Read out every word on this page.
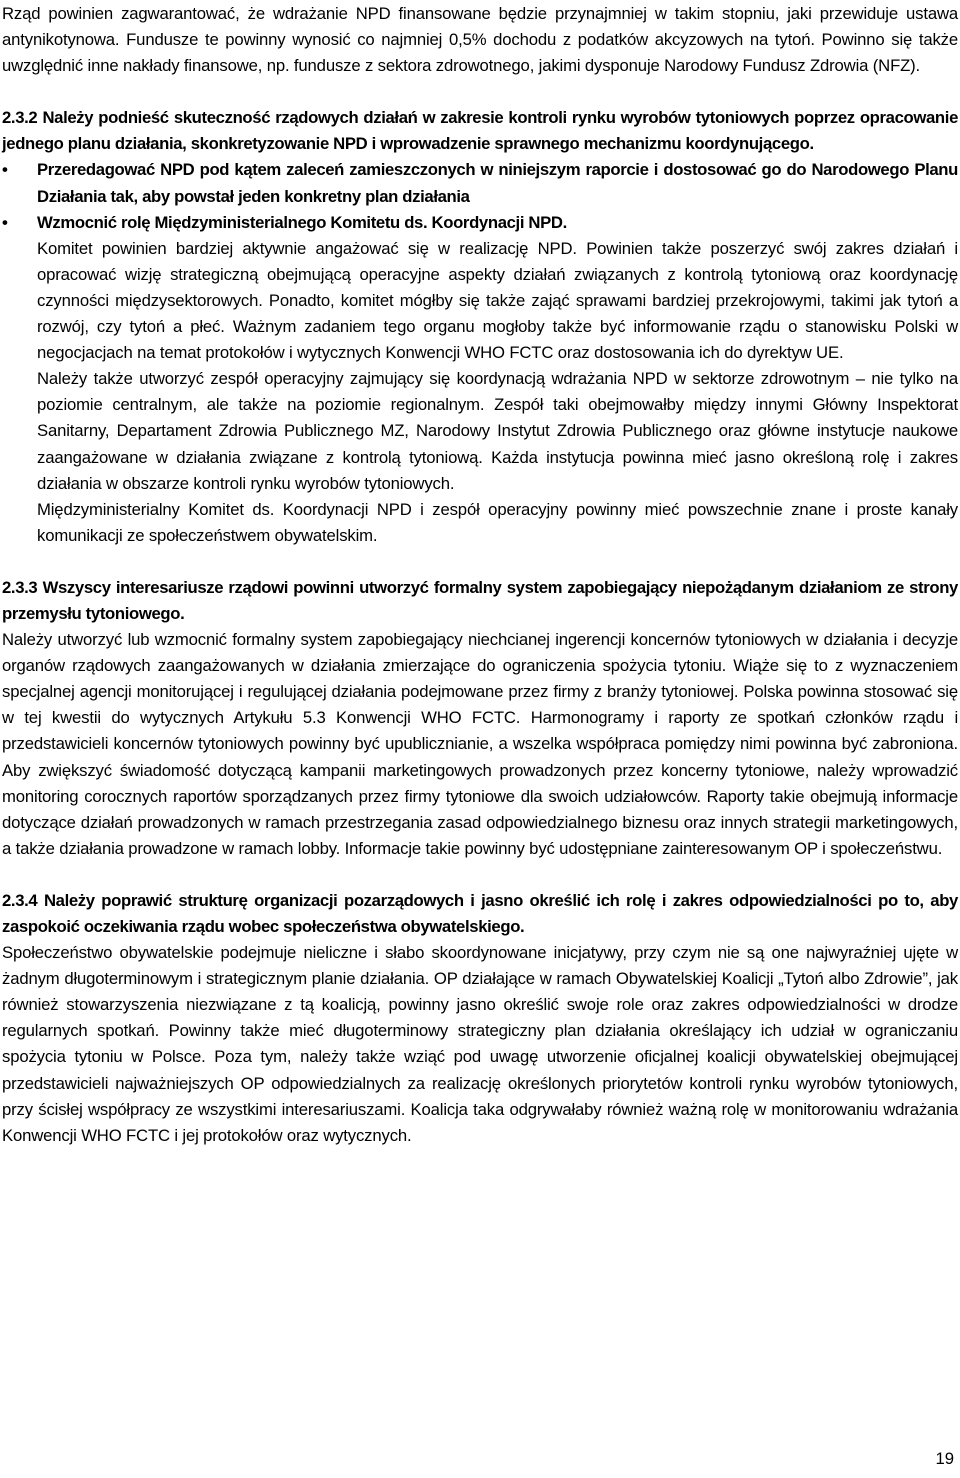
Rząd powinien zagwarantować, że wdrażanie NPD finansowane będzie przynajmniej w takim stopniu, jaki przewiduje ustawa antynikotynowa. Fundusze te powinny wynosić co najmniej 0,5% dochodu z podatków akcyzowych na tytoń. Powinno się także uwzględnić inne nakłady finansowe, np. fundusze z sektora zdrowotnego, jakimi dysponuje Narodowy Fundusz Zdrowia (NFZ).

2.3.2 Należy podnieść skuteczność rządowych działań w zakresie kontroli rynku wyrobów tytoniowych poprzez opracowanie jednego planu działania, skonkretyzowanie NPD i wprowadzenie sprawnego mechanizmu koordynującego.

•	Przeredagować NPD pod kątem zaleceń zamieszczonych w niniejszym raporcie i dostosować go do Narodowego Planu Działania tak, aby powstał jeden konkretny plan działania
•	Wzmocnić rolę Międzyministerialnego Komitetu ds. Koordynacji NPD.

Komitet powinien bardziej aktywnie angażować się w realizację NPD. Powinien także poszerzyć swój zakres działań i opracować wizję strategiczną obejmującą operacyjne aspekty działań związanych z kontrolą tytoniową oraz koordynację czynności międzysektorowych. Ponadto, komitet mógłby się także zająć sprawami bardziej przekrojowymi, takimi jak tytoń a rozwój, czy tytoń a płeć. Ważnym zadaniem tego organu mogłoby także być informowanie rządu o stanowisku Polski w negocjacjach na temat protokołów i wytycznych Konwencji WHO FCTC oraz dostosowania ich do dyrektyw UE.

Należy także utworzyć zespół operacyjny zajmujący się koordynacją wdrażania NPD w sektorze zdrowotnym – nie tylko na poziomie centralnym, ale także na poziomie regionalnym. Zespół taki obejmowałby między innymi Główny Inspektorat Sanitarny, Departament Zdrowia Publicznego MZ, Narodowy Instytut Zdrowia Publicznego oraz główne instytucje naukowe zaangażowane w działania związane z kontrolą tytoniową. Każda instytucja powinna mieć jasno określoną rolę i zakres działania w obszarze kontroli rynku wyrobów tytoniowych.

Międzyministerialny Komitet ds. Koordynacji NPD i zespół operacyjny powinny mieć powszechnie znane i proste kanały komunikacji ze społeczeństwem obywatelskim.

2.3.3 Wszyscy interesariusze rządowi powinni utworzyć formalny system zapobiegający niepożądanym działaniom ze strony przemysłu tytoniowego.

Należy utworzyć lub wzmocnić formalny system zapobiegający niechcianej ingerencji koncernów tytoniowych w działania i decyzje organów rządowych zaangażowanych w działania zmierzające do ograniczenia spożycia tytoniu. Wiąże się to z wyznaczeniem specjalnej agencji monitorującej i regulującej działania podejmowane przez firmy z branży tytoniowej. Polska powinna stosować się w tej kwestii do wytycznych Artykułu 5.3 Konwencji WHO FCTC. Harmonogramy i raporty ze spotkań członków rządu i przedstawicieli koncernów tytoniowych powinny być upublicznianie, a wszelka współpraca pomiędzy nimi powinna być zabroniona. Aby zwiększyć świadomość dotyczącą kampanii marketingowych prowadzonych przez koncerny tytoniowe, należy wprowadzić monitoring corocznych raportów sporządzanych przez firmy tytoniowe dla swoich udziałowców. Raporty takie obejmują informacje dotyczące działań prowadzonych w ramach przestrzegania zasad odpowiedzialnego biznesu oraz innych strategii marketingowych, a także działania prowadzone w ramach lobby. Informacje takie powinny być udostępniane zainteresowanym OP i społeczeństwu.

2.3.4 Należy poprawić strukturę organizacji pozarządowych i jasno określić ich rolę i zakres odpowiedzialności po to, aby zaspokoić oczekiwania rządu wobec społeczeństwa obywatelskiego.

Społeczeństwo obywatelskie podejmuje nieliczne i słabo skoordynowane inicjatywy, przy czym nie są one najwyraźniej ujęte w żadnym długoterminowym i strategicznym planie działania. OP działające w ramach Obywatelskiej Koalicji „Tytoń albo Zdrowie”, jak również stowarzyszenia niezwiązane z tą koalicją, powinny jasno określić swoje role oraz zakres odpowiedzialności w drodze regularnych spotkań. Powinny także mieć długoterminowy strategiczny plan działania określający ich udział w ograniczaniu spożycia tytoniu w Polsce. Poza tym, należy także wziąć pod uwagę utworzenie oficjalnej koalicji obywatelskiej obejmującej przedstawicieli najważniejszych OP odpowiedzialnych za realizację określonych priorytetów kontroli rynku wyrobów tytoniowych, przy ścisłej współpracy ze wszystkimi interesariuszami. Koalicja taka odgrywałaby również ważną rolę w monitorowaniu wdrażania Konwencji WHO FCTC i jej protokołów oraz wytycznych.

19
